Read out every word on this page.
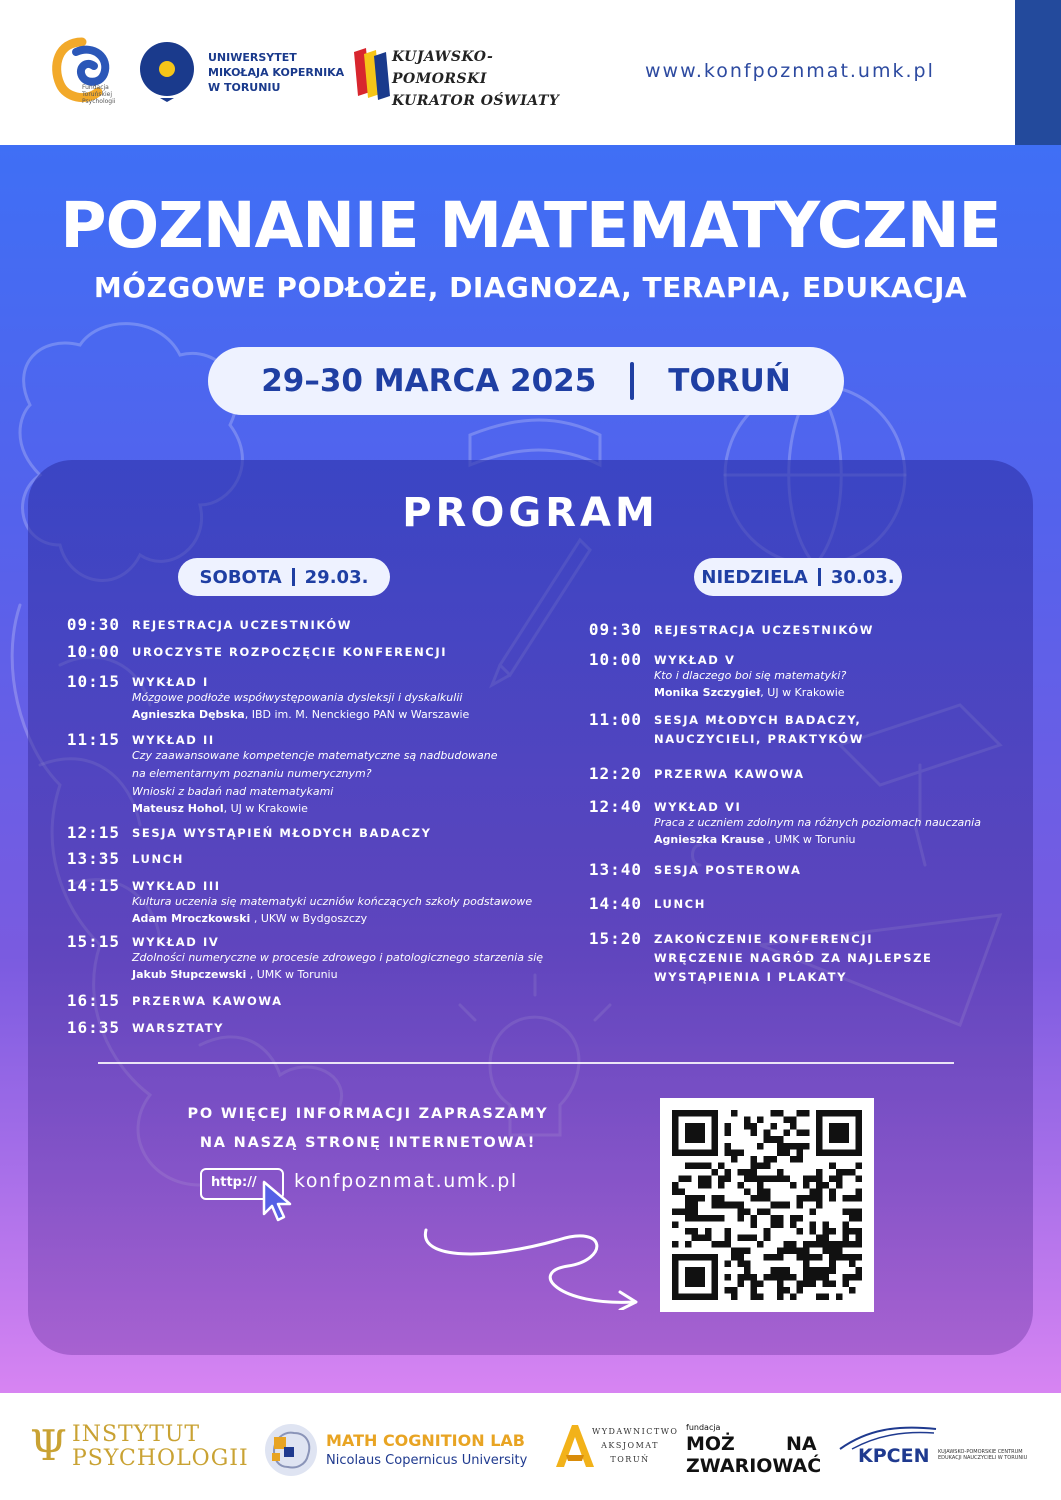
Fundacja Toruńskiej Psychologii
UNIWERSYTET
MIKOŁAJA KOPERNIKA
W TORUNIU
KUJAWSKO-POMORSKI
KURATOR OŚWIATY
www.konfpoznmat.umk.pl
POZNANIE MATEMATYCZNE
MÓZGOWE PODŁOŻE, DIAGNOZA, TERAPIA, EDUKACJA
29–30 MARCA 2025 TORUŃ
PROGRAM
SOBOTA 29.03.	NIEDZIELA 30.03.
09:30 REJESTRACJA UCZESTNIKÓW
10:00 UROCZYSTE ROZPOCZĘCIE KONFERENCJI
10:15 WYKŁAD I
Mózgowe podłoże współwystępowania dysleksji i dyskalkulii
Agnieszka Dębska, IBD im. M. Nenckiego PAN w Warszawie
11:15 WYKŁAD II
Czy zaawansowane kompetencje matematyczne są nadbudowane
na elementarnym poznaniu numerycznym?
Wnioski z badań nad matematykami
Mateusz Hohol, UJ w Krakowie
12:15 SESJA WYSTĄPIEŃ MŁODYCH BADACZY
13:35 LUNCH
14:15 WYKŁAD III
Kultura uczenia się matematyki uczniów kończących szkoły podstawowe
Adam Mroczkowski , UKW w Bydgoszczy
15:15 WYKŁAD IV
Zdolności numeryczne w procesie zdrowego i patologicznego starzenia się
Jakub Słupczewski , UMK w Toruniu
16:15 PRZERWA KAWOWA
16:35 WARSZTATY
09:30 REJESTRACJA UCZESTNIKÓW
10:00 WYKŁAD V
Kto i dlaczego boi się matematyki?
Monika Szczygieł, UJ w Krakowie
11:00 SESJA MŁODYCH BADACZY,
NAUCZYCIELI, PRAKTYKÓW
12:20 PRZERWA KAWOWA
12:40 WYKŁAD VI
Praca z uczniem zdolnym na różnych poziomach nauczania
Agnieszka Krause , UMK w Toruniu
13:40 SESJA POSTEROWA
14:40 LUNCH
15:20 ZAKOŃCZENIE KONFERENCJI
WRĘCZENIE NAGRÓD ZA NAJLEPSZE
WYSTĄPIENIA I PLAKATY
PO WIĘCEJ INFORMACJI ZAPRASZAMY
NA NASZĄ STRONĘ INTERNETOWA!
http://	konfpoznmat.umk.pl
Ψ INSTYTUT
PSYCHOLOGII
MATH COGNITION LAB
Nicolaus Copernicus University
WYDAWNICTWO
AKSJOMAT
TORUŃ
fundacja
MOŻ	NA
ZWARIOWAĆ KPCEN KUJAWSKO-POMORSKIE CENTRUM EDUKACJI NAUCZYCIELI W TORUNIU
